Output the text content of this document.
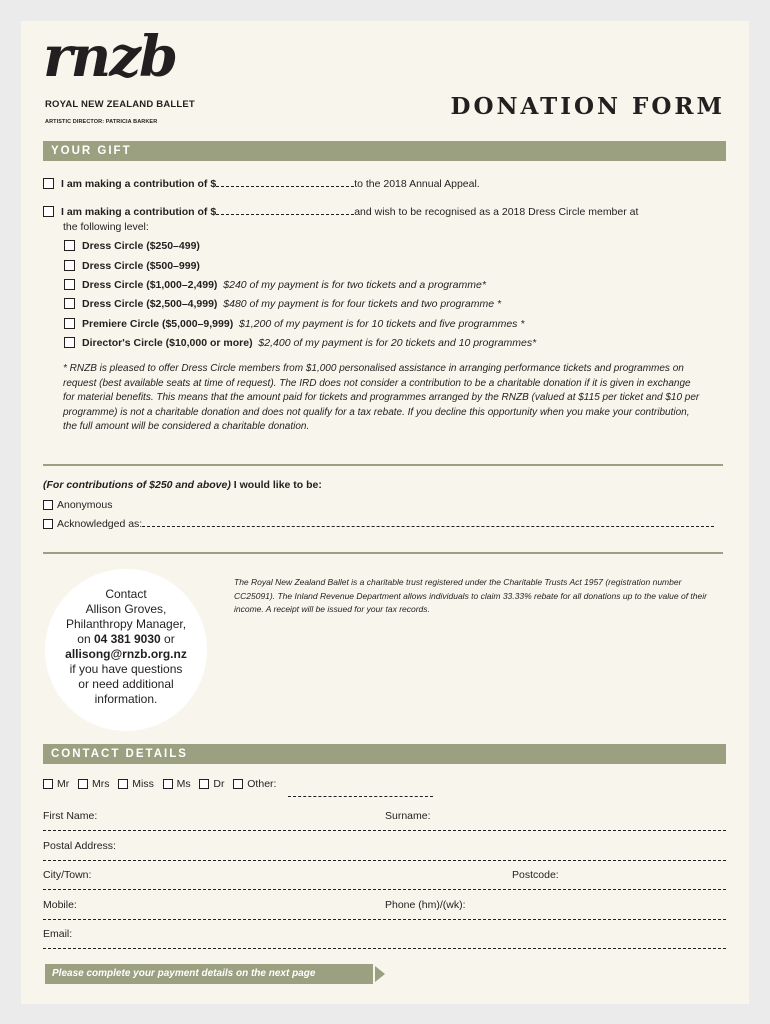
rnzb
ROYAL NEW ZEALAND BALLET
ARTISTIC DIRECTOR: PATRICIA BARKER
DONATION FORM
YOUR GIFT
I am making a contribution of $	to the 2018 Annual Appeal.
I am making a contribution of $	and wish to be recognised as a 2018 Dress Circle member at
the following level:
Dress Circle ($250–499)
Dress Circle ($500–999)
Dress Circle ($1,000–2,499) $240 of my payment is for two tickets and a programme*
Dress Circle ($2,500–4,999) $480 of my payment is for four tickets and two programme *
Premiere Circle ($5,000–9,999) $1,200 of my payment is for 10 tickets and five programmes *
Director's Circle ($10,000 or more) $2,400 of my payment is for 20 tickets and 10 programmes*
* RNZB is pleased to offer Dress Circle members from $1,000 personalised assistance in arranging performance tickets and programmes on request (best available seats at time of request). The IRD does not consider a contribution to be a charitable donation if it is given in exchange for material benefits. This means that the amount paid for tickets and programmes arranged by the RNZB (valued at $115 per ticket and $10 per programme) is not a charitable donation and does not qualify for a tax rebate. If you decline this opportunity when you make your contribution, the full amount will be considered a charitable donation.
(For contributions of $250 and above) I would like to be:
Anonymous
Acknowledged as:
Contact
Allison Groves,
Philanthropy Manager,
on 04 381 9030 or
allisong@rnzb.org.nz
if you have questions
or need additional
information.
The Royal New Zealand Ballet is a charitable trust registered under the Charitable Trusts Act 1957 (registration number CC25091). The Inland Revenue Department allows individuals to claim 33.33% rebate for all donations up to the value of their income. A receipt will be issued for your tax records.
CONTACT DETAILS
Mr Mrs Miss Ms Dr Other:
First Name:	Surname:
Postal Address:
City/Town:	Postcode:
Mobile:	Phone (hm)/(wk):
Email:
Please complete your payment details on the next page
